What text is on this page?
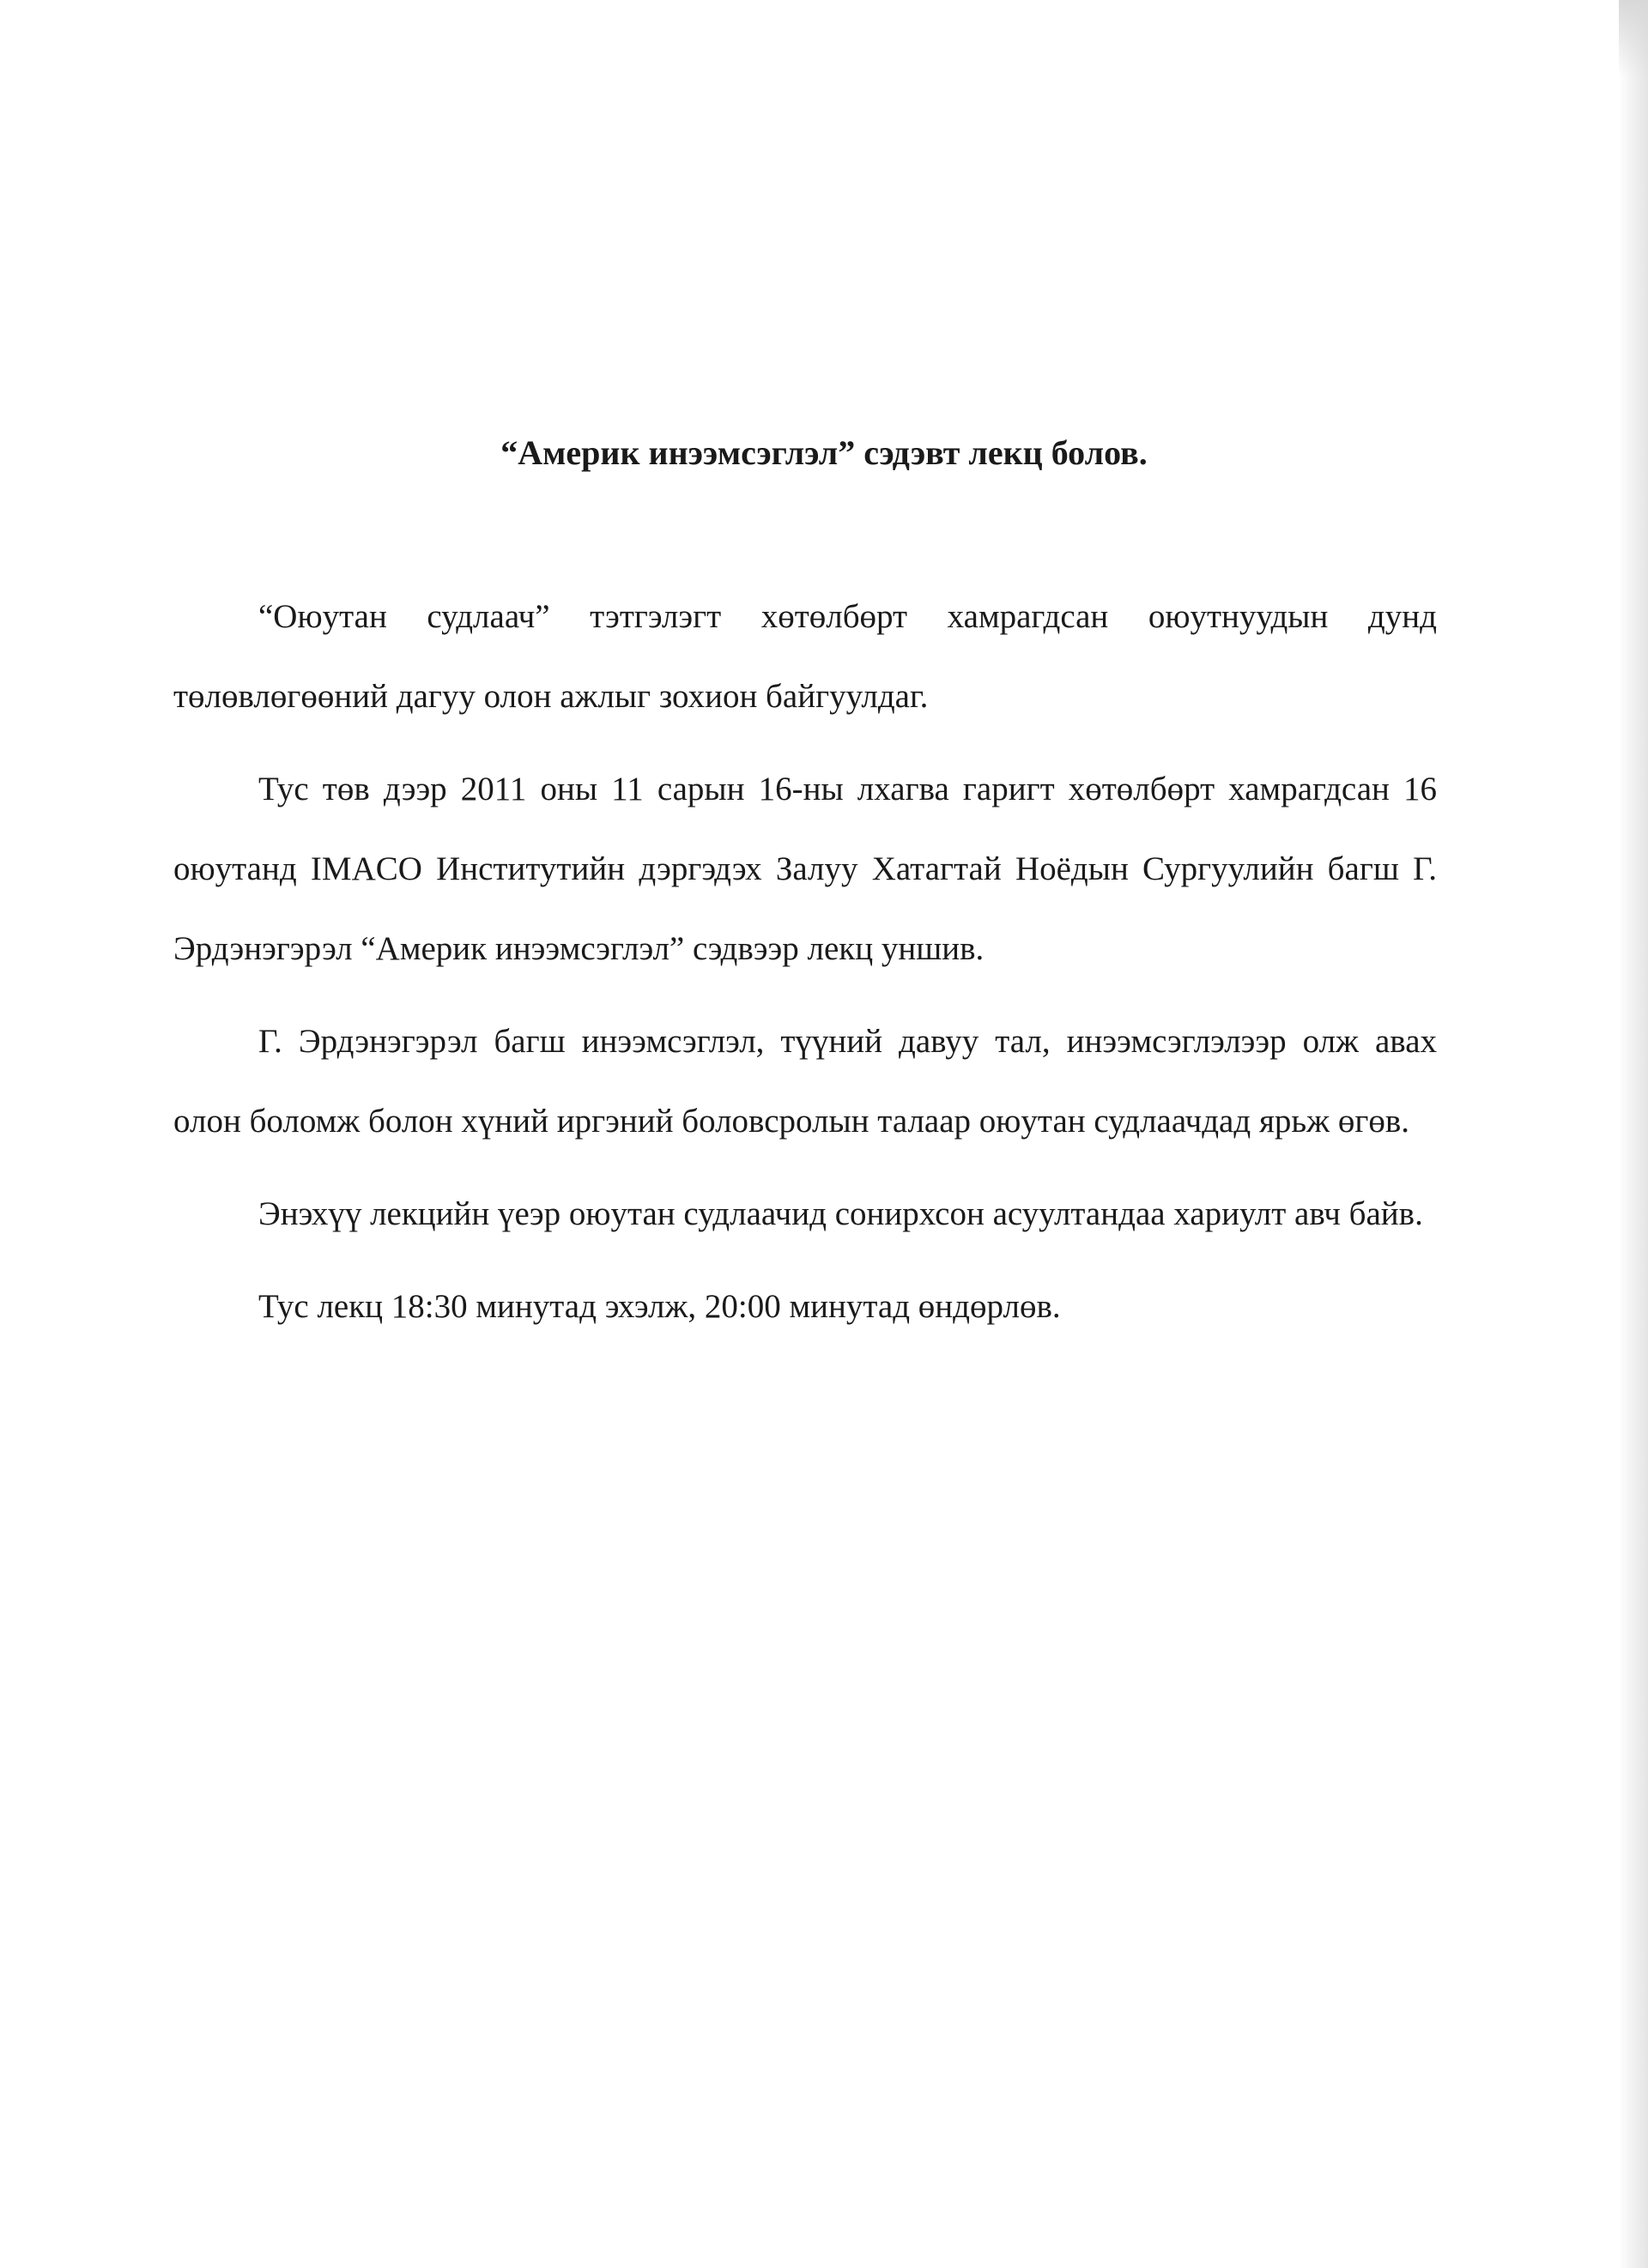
“Америк инээмсэглэл” сэдэвт лекц болов.

“Оюутан судлаач” тэтгэлэгт хөтөлбөрт хамрагдсан оюутнуудын дунд төлөвлөгөөний дагуу олон ажлыг зохион байгуулдаг.

Тус төв дээр 2011 оны 11 сарын 16-ны лхагва гаригт хөтөлбөрт хамрагдсан 16 оюутанд IMACO Институтийн дэргэдэх Залуу Хатагтай Ноёдын Сургуулийн багш Г. Эрдэнэгэрэл “Америк инээмсэглэл” сэдвээр лекц уншив.

Г. Эрдэнэгэрэл багш инээмсэглэл, түүний давуу тал, инээмсэглэлээр олж авах олон боломж болон хүний иргэний боловсролын талаар оюутан судлаачдад ярьж өгөв.

Энэхүү лекцийн үеэр оюутан судлаачид сонирхсон асуултандаа хариулт авч байв.

Тус лекц 18:30 минутад эхэлж, 20:00 минутад өндөрлөв.
